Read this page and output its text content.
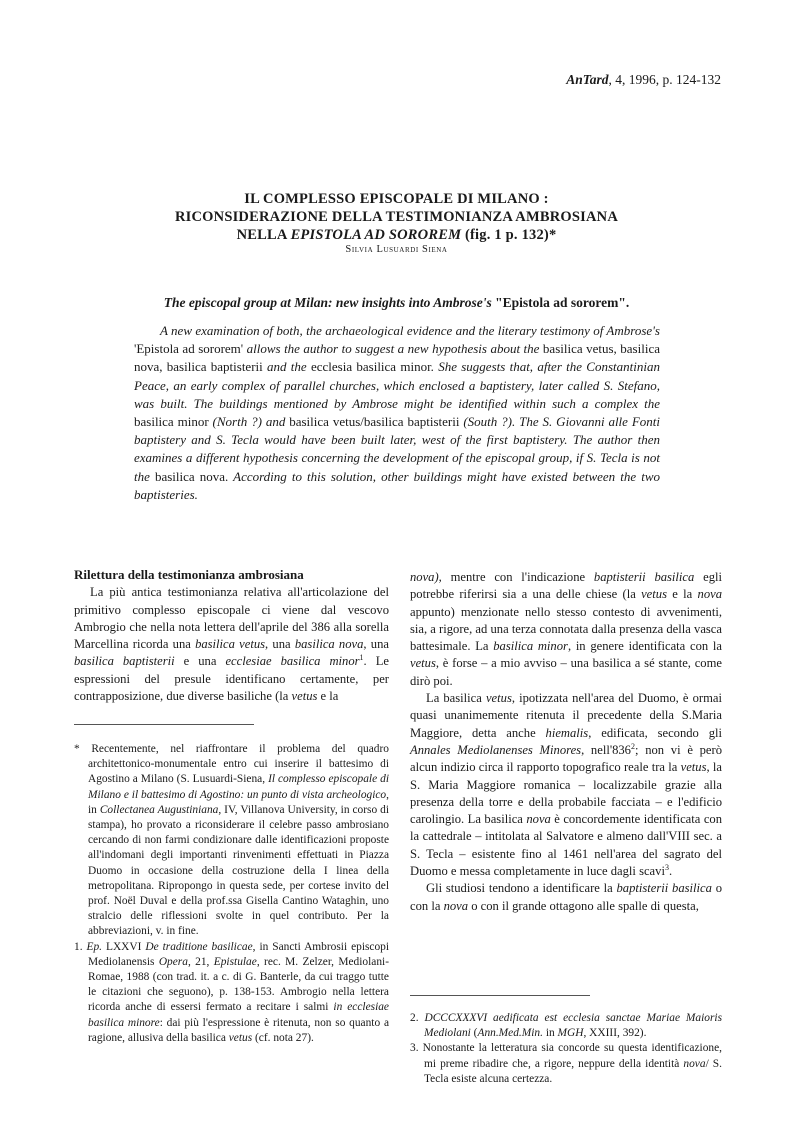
AnTard, 4, 1996, p. 124-132
IL COMPLESSO EPISCOPALE DI MILANO :
RICONSIDERAZIONE DELLA TESTIMONIANZA AMBROSIANA
NELLA EPISTOLA AD SOROREM (fig. 1 p. 132)*
Silvia Lusuardi Siena
The episcopal group at Milan: new insights into Ambrose's "Epistola ad sororem".
A new examination of both, the archaeological evidence and the literary testimony of Ambrose's 'Epistola ad sororem' allows the author to suggest a new hypothesis about the basilica vetus, basilica nova, basilica baptisterii and the ecclesia basilica minor. She suggests that, after the Constantinian Peace, an early complex of parallel churches, which enclosed a baptistery, later called S. Stefano, was built. The buildings mentioned by Ambrose might be identified within such a complex the basilica minor (North ?) and basilica vetus/basilica baptisterii (South ?). The S. Giovanni alle Fonti baptistery and S. Tecla would have been built later, west of the first baptistery. The author then examines a different hypothesis concerning the development of the episcopal group, if S. Tecla is not the basilica nova. According to this solution, other buildings might have existed between the two baptisteries.

Rilettura della testimonianza ambrosiana

La più antica testimonianza relativa all'articolazione del primitivo complesso episcopale ci viene dal vescovo Ambrogio che nella nota lettera dell'aprile del 386 alla sorella Marcellina ricorda una basilica vetus, una basilica nova, una basilica baptisterii e una ecclesiae basilica minor$^1$. Le espressioni del presule identificano certamente, per contrapposizione, due diverse basiliche (la vetus e la

* Recentemente, nel riaffrontare il problema del quadro architettonico-monumentale entro cui inserire il battesimo di Agostino a Milano (S. Lusuardi-Siena, Il complesso episcopale di Milano e il battesimo di Agostino: un punto di vista archeologico, in Collectanea Augustiniana, IV, Villanova University, in corso di stampa), ho provato a riconsiderare il celebre passo ambrosiano cercando di non farmi condizionare dalle identificazioni proposte all'indomani degli importanti rinvenimenti effettuati in Piazza Duomo in occasione della costruzione della I linea della metropolitana. Ripropongo in questa sede, per cortese invito del prof. Noël Duval e della prof.ssa Gisella Cantino Wataghin, uno stralcio delle riflessioni svolte in quel contributo. Per la abbreviazioni, v. in fine.

1. Ep. LXXVI De traditione basilicae, in Sancti Ambrosii episcopi Mediolanensis Opera, 21, Epistulae, rec. M. Zelzer, Mediolani-Romae, 1988 (con trad. it. a c. di G. Banterle, da cui traggo tutte le citazioni che seguono), p. 138-153. Ambrogio nella lettera ricorda anche di essersi fermato a recitare i salmi in ecclesiae basilica minore: dai più l'espressione è ritenuta, non so quanto a ragione, allusiva della basilica vetus (cf. nota 27).

nova), mentre con l'indicazione baptisterii basilica egli potrebbe riferirsi sia a una delle chiese (la vetus e la nova appunto) menzionate nello stesso contesto di avvenimenti, sia, a rigore, ad una terza connotata dalla presenza della vasca battesimale. La basilica minor, in genere identificata con la vetus, è forse – a mio avviso – una basilica a sé stante, come dirò poi.

La basilica vetus, ipotizzata nell'area del Duomo, è ormai quasi unanimemente ritenuta il precedente della S.Maria Maggiore, detta anche hiemalis, edificata, secondo gli Annales Mediolanenses Minores, $nell'836^2$; non vi è però alcun indizio circa il rapporto topografico reale tra la vetus, la S. Maria Maggiore romanica – localizzabile grazie alla presenza della torre e della probabile facciata – e l'edificio carolingio. La basilica nova è concordemente identificata con la cattedrale – intitolata al Salvatore e almeno dall'VIII sec. a S. Tecla – esistente fino al 1461 nell'area del sagrato del Duomo e messa completamente in luce dagli scavi$^3$.

Gli studiosi tendono a identificare la baptisterii basilica o con la nova o con il grande ottagono alle spalle di questa,

2. DCCCXXXVI aedificata est ecclesia sanctae Mariae Maioris Mediolani (Ann.Med.Min. in MGH, XXIII, 392).

3. Nonostante la letteratura sia concorde su questa identificazione, mi preme ribadire che, a rigore, neppure della identità nova/ S. Tecla esiste alcuna certezza.
